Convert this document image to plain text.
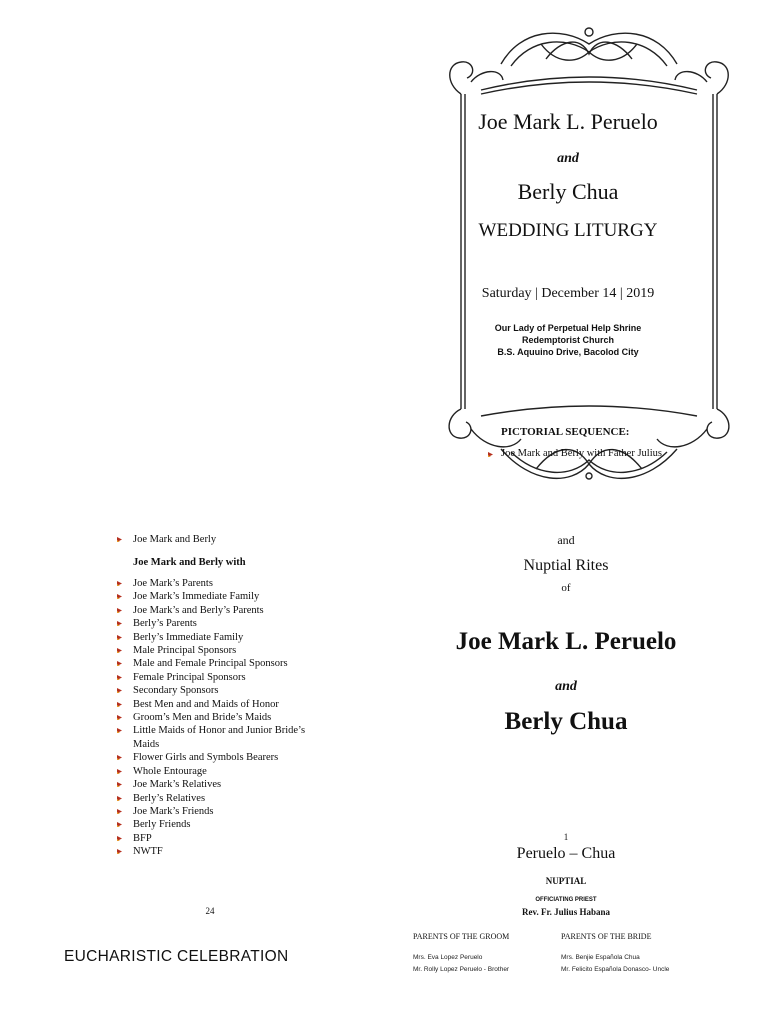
Joe Mark L. Peruelo
and
Berly Chua
WEDDING LITURGY
Saturday | December 14 | 2019
Our Lady of Perpetual Help Shrine
Redemptorist Church
B.S. Aquuino Drive, Bacolod City
PICTORIAL SEQUENCE:
Joe Mark and Berly with Father Julius
Joe Mark and Berly
Joe Mark and Berly with
Joe Mark’s Parents
Joe Mark’s Immediate Family
Joe Mark’s and Berly’s Parents
Berly’s Parents
Berly’s Immediate Family
Male Principal Sponsors
Male and Female Principal Sponsors
Female Principal Sponsors
Secondary Sponsors
Best Men and and Maids of Honor
Groom’s Men and Bride’s Maids
Little Maids of Honor and Junior Bride’s Maids
Flower Girls and Symbols Bearers
Whole Entourage
Joe Mark’s Relatives
Berly’s Relatives
Joe Mark’s Friends
Berly Friends
BFP
NWTF
24
EUCHARISTIC CELEBRATION
and
Nuptial Rites
of
Joe Mark L. Peruelo
and
Berly Chua
1
Peruelo – Chua
NUPTIAL
OFFICIATING PRIEST
Rev. Fr. Julius Habana
PARENTS OF THE GROOM
Mrs. Eva Lopez Peruelo
Mr. Rolly Lopez Peruelo - Brother
PARENTS OF THE BRIDE
Mrs. Benjie Española Chua
Mr. Felicito Española Donasco- Uncle
